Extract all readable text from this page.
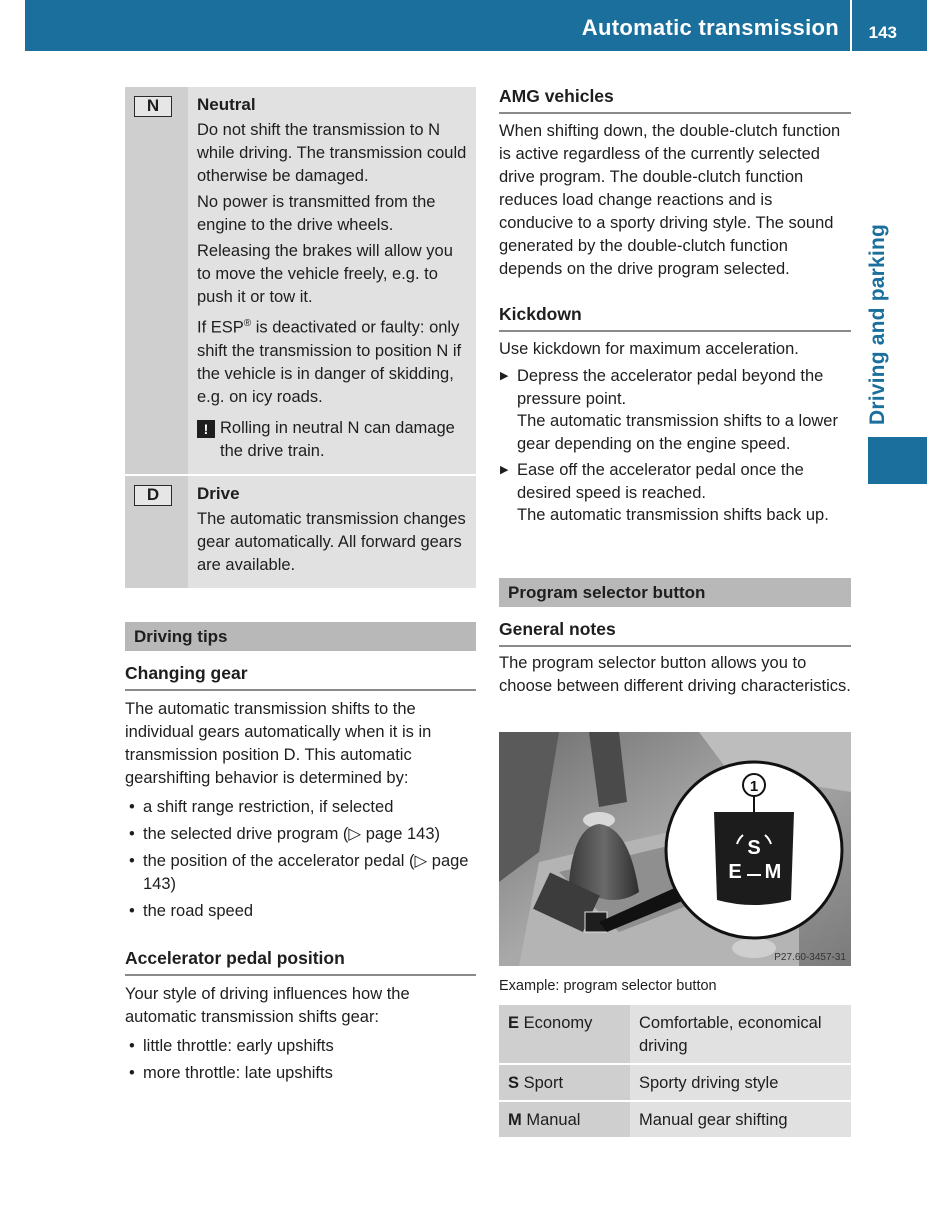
Automatic transmission 143
Driving and parking
N	Neutral

Do not shift the transmission to N while driving. The transmission could otherwise be damaged.

No power is transmitted from the engine to the drive wheels.

Releasing the brakes will allow you to move the vehicle freely, e.g. to push it or tow it.

If ESP® is deactivated or faulty: only shift the transmission to position N if the vehicle is in danger of skidding, e.g. on icy roads.

! Rolling in neutral N can damage the drive train.
D	Drive

The automatic transmission changes gear automatically. All forward gears are available.

Driving tips
Changing gear

The automatic transmission shifts to the individual gears automatically when it is in transmission position D. This automatic gearshifting behavior is determined by:

• a shift range restriction, if selected
• the selected drive program (▷ page 143)
• the position of the accelerator pedal (▷ page 143)
• the road speed
Accelerator pedal position

Your style of driving influences how the automatic transmission shifts gear:

• little throttle: early upshifts
• more throttle: late upshifts
AMG vehicles

When shifting down, the double-clutch function is active regardless of the currently selected drive program. The double-clutch function reduces load change reactions and is conducive to a sporty driving style. The sound generated by the double-clutch function depends on the drive program selected.

Kickdown

Use kickdown for maximum acceleration.

▶ Depress the accelerator pedal beyond the pressure point.
The automatic transmission shifts to a lower gear depending on the engine speed.
▶ Ease off the accelerator pedal once the desired speed is reached.
The automatic transmission shifts back up.
Program selector button
General notes

The program selector button allows you to choose between different driving characteristics.

S
E M
1
P27.60-3457-31
Example: program selector button
E Economy	Comfortable, economical driving
S Sport	Sporty driving style
M Manual	Manual gear shifting
